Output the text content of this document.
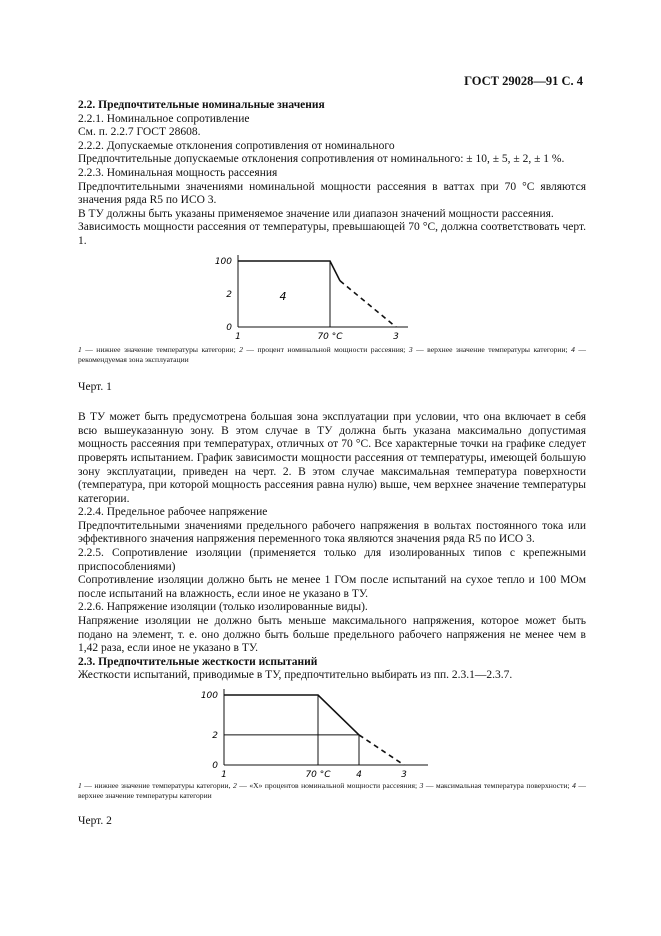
ГОСТ 29028—91 С. 4

2.2. Предпочтительные номинальные значения

2.2.1. Номинальное сопротивление

См. п. 2.2.7 ГОСТ 28608.

2.2.2. Допускаемые отклонения сопротивления от номинального

Предпочтительные допускаемые отклонения сопротивления от номинального: ± 10, ± 5, ± 2, ± 1 %.

2.2.3. Номинальная мощность рассеяния

Предпочтительными значениями номинальной мощности рассеяния в ваттах при 70 °С являются значения ряда R5 по ИСО 3.

В ТУ должны быть указаны применяемое значение или диапазон значений мощности рассеяния.

Зависимость мощности рассеяния от температуры, превышающей 70 °С, должна соответствовать черт. 1.

100
2
0
1	70 °C	3
4

1 — нижнее значение температуры категории; 2 — процент номинальной мощности рассеяния; 3 — верхнее значение температуры категории; 4 — рекомендуемая зона эксплуатации

Черт. 1

В ТУ может быть предусмотрена большая зона эксплуатации при условии, что она включает в себя всю вышеуказанную зону. В этом случае в ТУ должна быть указана максимально допустимая мощность рассеяния при температурах, отличных от 70 °С. Все характерные точки на графике следует проверять испытанием. График зависимости мощности рассеяния от температуры, имеющей большую зону эксплуатации, приведен на черт. 2. В этом случае максимальная температура поверхности (температура, при которой мощность рассеяния равна нулю) выше, чем верхнее значение температуры категории.

2.2.4. Предельное рабочее напряжение

Предпочтительными значениями предельного рабочего напряжения в вольтах постоянного тока или эффективного значения напряжения переменного тока являются значения ряда R5 по ИСО 3.

2.2.5. Сопротивление изоляции (применяется только для изолированных типов с крепежными приспособлениями)

Сопротивление изоляции должно быть не менее 1 ГОм после испытаний на сухое тепло и 100 МОм после испытаний на влажность, если иное не указано в ТУ.

2.2.6. Напряжение изоляции (только изолированные виды).

Напряжение изоляции не должно быть меньше максимального напряжения, которое может быть подано на элемент, т. е. оно должно быть больше предельного рабочего напряжения не менее чем в 1,42 раза, если иное не указано в ТУ.

2.3. Предпочтительные жесткости испытаний

Жесткости испытаний, приводимые в ТУ, предпочтительно выбирать из пп. 2.3.1—2.3.7.

100
2
0
1	70 °C	4	3

1 — нижнее значение температуры категории, 2 — «X» процентов номинальной мощности рассеяния; 3 — максимальная температура поверхности; 4 — верхнее значение температуры категории

Черт. 2
